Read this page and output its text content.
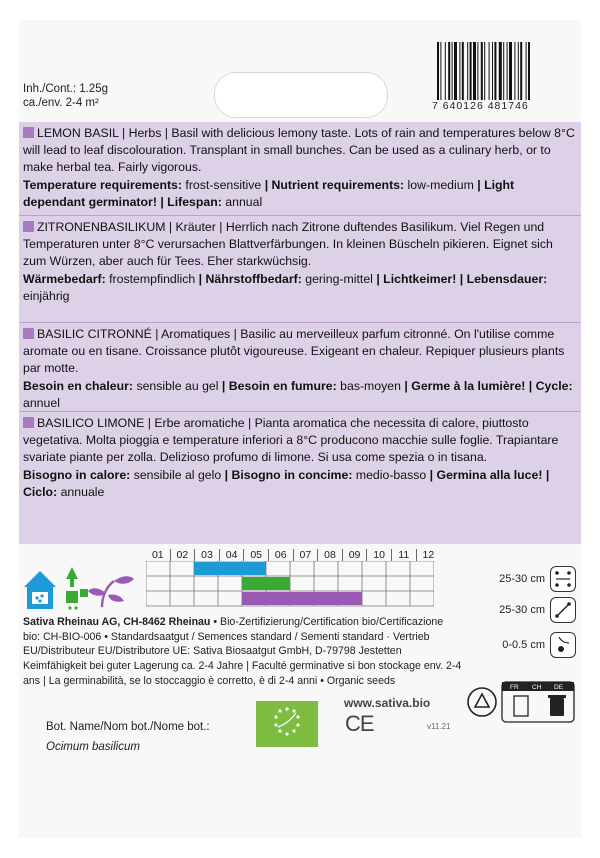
Inh./Cont.: 1.25g
ca./env. 2-4 m²	7 640126 481746
LEMON BASIL | Herbs | Basil with delicious lemony taste. Lots of rain and temperatures below 8°C will lead to leaf discolouration. Transplant in small bunches. Can be used as a culinary herb, or to make herbal tea. Fairly vigorous.
Temperature requirements: frost-sensitive | Nutrient requirements: low-medium | Light dependant germinator! | Lifespan: annual
ZITRONENBASILIKUM | Kräuter | Herrlich nach Zitrone duftendes Basilikum. Viel Regen und Temperaturen unter 8°C verursachen Blattverfärbungen. In kleinen Büscheln pikieren. Eignet sich zum Würzen, aber auch für Tees. Eher starkwüchsig.
Wärmebedarf: frostempfindlich | Nährstoffbedarf: gering-mittel | Lichtkeimer! | Lebensdauer: einjährig
BASILIC CITRONNÉ | Aromatiques | Basilic au merveilleux parfum citronné. On l'utilise comme aromate ou en tisane. Croissance plutôt vigoureuse. Exigeant en chaleur. Repiquer plusieurs plants par motte.
Besoin en chaleur: sensible au gel | Besoin en fumure: bas-moyen | Germe à la lumière! | Cycle: annuel
BASILICO LIMONE | Erbe aromatiche | Pianta aromatica che necessita di calore, piuttosto vegetativa. Molta pioggia e temperature inferiori a 8°C producono macchie sulle foglie. Trapiantare svariate piante per zolla. Delizioso profumo di limone. Si usa come spezia o in tisana.
Bisogno in calore: sensibile al gelo | Bisogno in concime: medio-basso | Germina alla luce! | Ciclo: annuale
01	02	03	04	05	06	07	08	09	10	11	12
25-30 cm
25-30 cm
0-0.5 cm
Sativa Rheinau AG, CH-8462 Rheinau • Bio-Zertifizierung/Certification bio/Certificazione bio: CH-BIO-006 • Standardsaatgut / Semences standard / Sementi standard · Vertrieb EU/Distributeur EU/Distributore UE: Sativa Biosaatgut GmbH, D-79798 Jestetten Keimfähigkeit bei guter Lagerung ca. 2-4 Jahre | Faculté germinative si bon stockage env. 2-4 ans | La germinabilità, se lo stoccaggio è corretto, è di 2-4 anni • Organic seeds
www.sativa.bio
CE	v11.21
Bot. Name/Nom bot./Nome bot.:
Ocimum basilicum
FR CH DE
